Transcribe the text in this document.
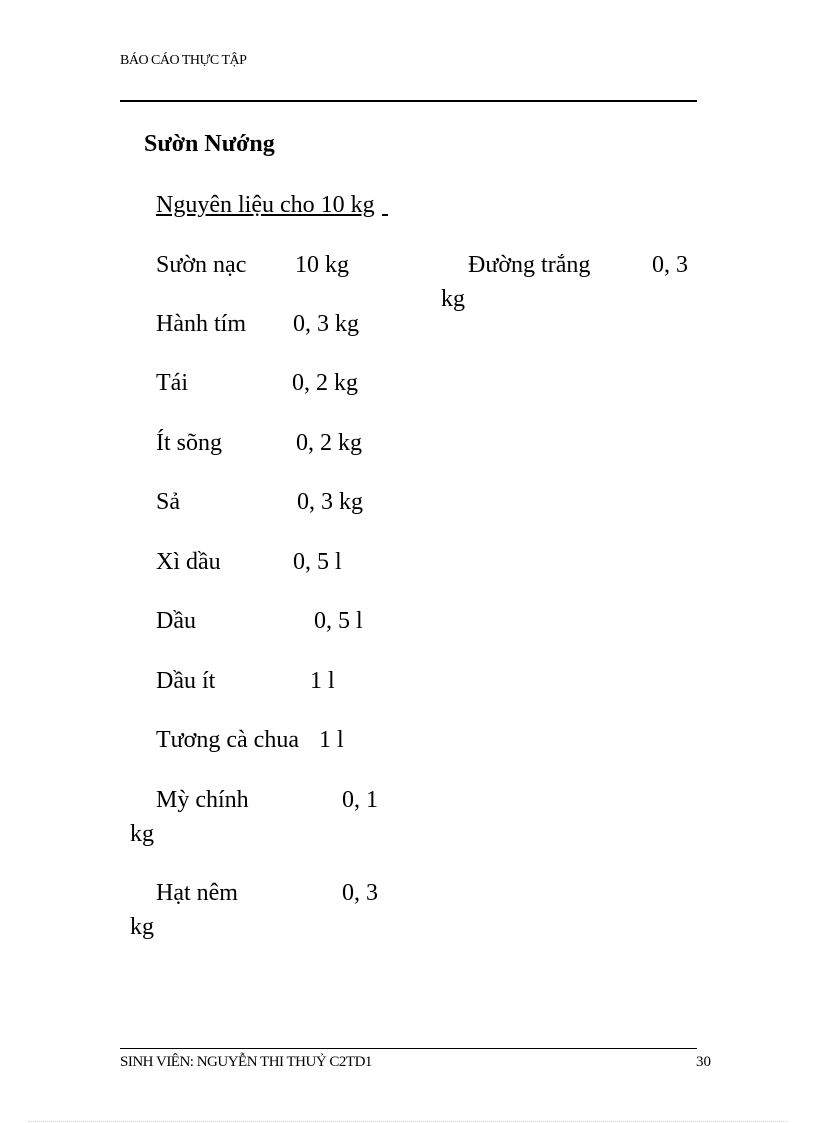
BÁO CÁO THỰC TẬP
Sườn Nướng
Nguyên liệu cho 10 kg

Sườn nạc 10 kg
Hành tím 0, 3 kg
Tái	0, 2 kg
Ít sõng	0, 2 kg
Sả	0, 3 kg
Xì dầu	0, 5 l
Dầu	0, 5 l
Dầu ít	1 l
Tương cà chua 1 l
Mỳ chính	0, 1
kg
Hạt nêm	0, 3
kg
Đường trắng	0, 3
kg
SINH VIÊN: NGUYỄN THI THUỶ C2TD1	30
